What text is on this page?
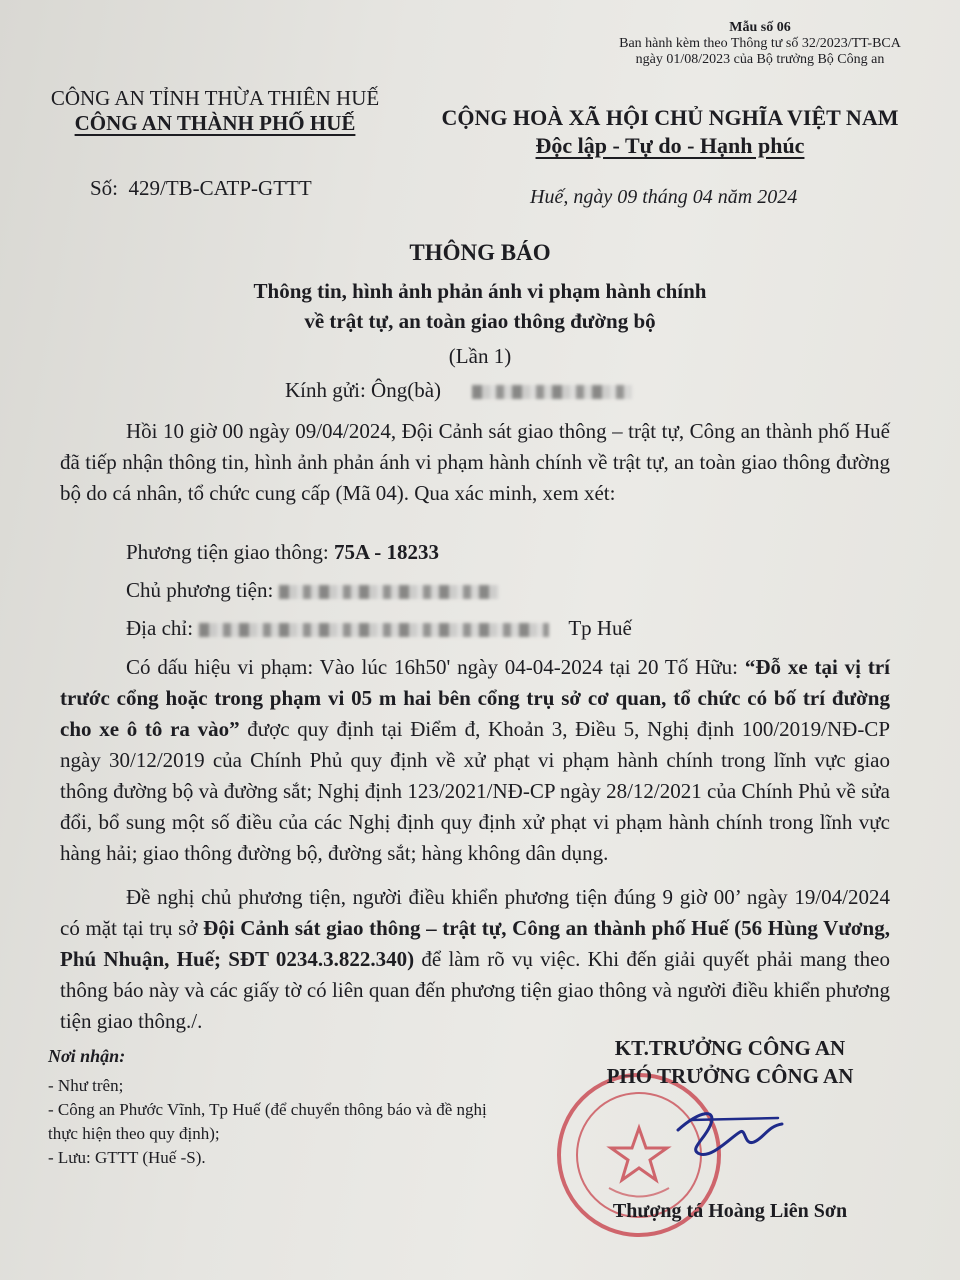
Mẫu số 06
Ban hành kèm theo Thông tư số 32/2023/TT-BCA
ngày 01/08/2023 của Bộ trưởng Bộ Công an
CÔNG AN TỈNH THỪA THIÊN HUẾ
CÔNG AN THÀNH PHỐ HUẾ	CỘNG HOÀ XÃ HỘI CHỦ NGHĨA VIỆT NAM
Độc lập - Tự do - Hạnh phúc
Số: 429/TB-CATP-GTTT	Huế, ngày 09 tháng 04 năm 2024
THÔNG BÁO
Thông tin, hình ảnh phản ánh vi phạm hành chính
về trật tự, an toàn giao thông đường bộ
(Lần 1)
Kính gửi: Ông(bà)
Hồi 10 giờ 00 ngày 09/04/2024, Đội Cảnh sát giao thông – trật tự, Công an thành phố Huế đã tiếp nhận thông tin, hình ảnh phản ánh vi phạm hành chính về trật tự, an toàn giao thông đường bộ do cá nhân, tổ chức cung cấp (Mã 04). Qua xác minh, xem xét:
Phương tiện giao thông: 75A - 18233
Chủ phương tiện:
Địa chỉ:	Tp Huế
Có dấu hiệu vi phạm: Vào lúc 16h50' ngày 04-04-2024 tại 20 Tố Hữu: “Đỗ xe tại vị trí trước cổng hoặc trong phạm vi 05 m hai bên cổng trụ sở cơ quan, tổ chức có bố trí đường cho xe ô tô ra vào” được quy định tại Điểm đ, Khoản 3, Điều 5, Nghị định 100/2019/NĐ-CP ngày 30/12/2019 của Chính Phủ quy định về xử phạt vi phạm hành chính trong lĩnh vực giao thông đường bộ và đường sắt; Nghị định 123/2021/NĐ-CP ngày 28/12/2021 của Chính Phủ về sửa đổi, bổ sung một số điều của các Nghị định quy định xử phạt vi phạm hành chính trong lĩnh vực hàng hải; giao thông đường bộ, đường sắt; hàng không dân dụng.
Đề nghị chủ phương tiện, người điều khiển phương tiện đúng 9 giờ 00’ ngày 19/04/2024 có mặt tại trụ sở Đội Cảnh sát giao thông – trật tự, Công an thành phố Huế (56 Hùng Vương, Phú Nhuận, Huế; SĐT 0234.3.822.340) để làm rõ vụ việc. Khi đến giải quyết phải mang theo thông báo này và các giấy tờ có liên quan đến phương tiện giao thông và người điều khiển phương tiện giao thông./.
Nơi nhận:
- Như trên;
- Công an Phước Vĩnh, Tp Huế (để chuyển thông báo và đề nghị thực hiện theo quy định);
- Lưu: GTTT (Huế -S).
KT.TRƯỞNG CÔNG AN
PHÓ TRƯỞNG CÔNG AN
Thượng tá Hoàng Liên Sơn
